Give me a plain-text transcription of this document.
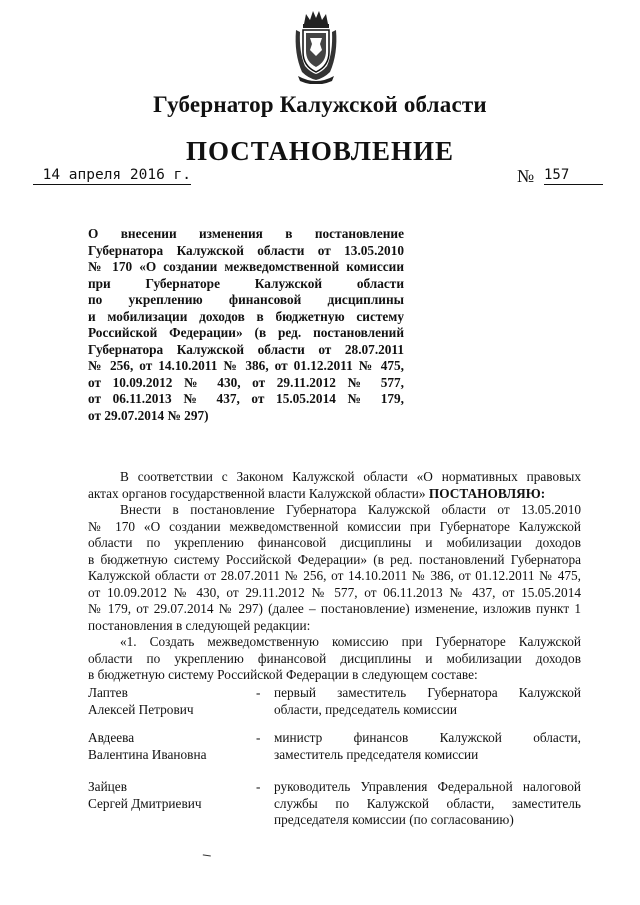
Губернатор Калужской области
ПОСТАНОВЛЕНИЕ
14 апреля 2016 г.	№ 157
О внесении изменения в постановление
Губернатора Калужской области от 13.05.2010
№ 170 «О создании межведомственной комиссии
при Губернаторе Калужской области
по укреплению финансовой дисциплины
и мобилизации доходов в бюджетную систему
Российской Федерации» (в ред. постановлений
Губернатора Калужской области от 28.07.2011
№ 256, от 14.10.2011 № 386, от 01.12.2011 № 475,
от 10.09.2012 № 430, от 29.11.2012 № 577,
от 06.11.2013 № 437, от 15.05.2014 № 179,
от 29.07.2014 № 297)
В соответствии с Законом Калужской области «О нормативных правовых
актах органов государственной власти Калужской области» ПОСТАНОВЛЯЮ:
Внести в постановление Губернатора Калужской области от 13.05.2010
№ 170 «О создании межведомственной комиссии при Губернаторе Калужской
области по укреплению финансовой дисциплины и мобилизации доходов
в бюджетную систему Российской Федерации» (в ред. постановлений Губернатора
Калужской области от 28.07.2011 № 256, от 14.10.2011 № 386, от 01.12.2011 № 475,
от 10.09.2012 № 430, от 29.11.2012 № 577, от 06.11.2013 № 437, от 15.05.2014
№ 179, от 29.07.2014 № 297) (далее – постановление) изменение, изложив пункт 1
постановления в следующей редакции:
«1. Создать межведомственную комиссию при Губернаторе Калужской
области по укреплению финансовой дисциплины и мобилизации доходов
в бюджетную систему Российской Федерации в следующем составе:
Лаптев
Алексей Петрович
- первый заместитель Губернатора Калужской
области, председатель комиссии
Авдеева
Валентина Ивановна
- министр финансов Калужской области,
заместитель председателя комиссии
Зайцев
Сергей Дмитриевич
- руководитель Управления Федеральной налоговой
службы по Калужской области, заместитель
председателя комиссии (по согласованию)
